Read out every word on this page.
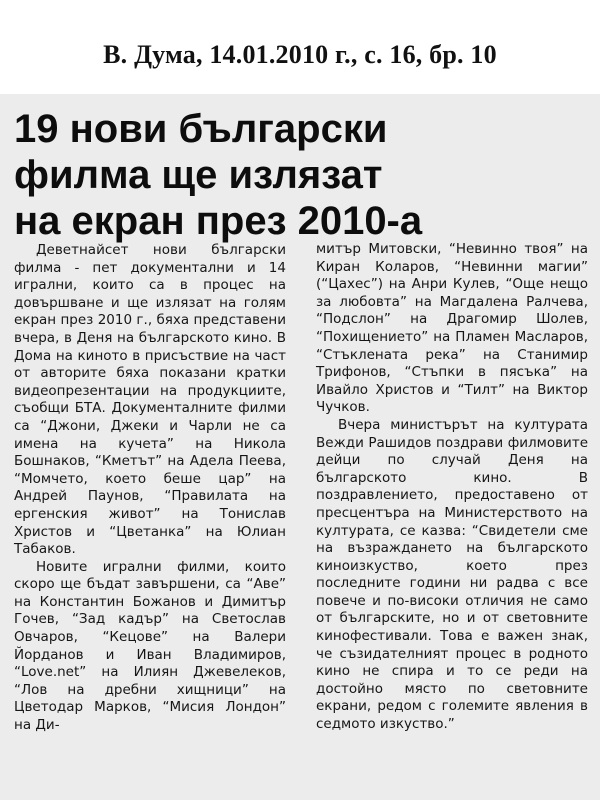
В. Дума, 14.01.2010 г., с. 16, бр. 10
19 нови български
филма ще излязат
на екран през 2010-а

Деветнайсет нови български филма - пет документални и 14 игрални, които са в процес на довършване и ще излязат на голям екран през 2010 г., бяха представени вчера, в Деня на българското кино. В Дома на киното в присъствие на част от авторите бяха показани кратки видеопрезентации на продукциите, съобщи БТА. Документалните филми са “Джони, Джеки и Чарли не са имена на кучета” на Никола Бошнаков, “Кметът” на Адела Пеева, “Момчето, което беше цар” на Андрей Паунов, “Правилата на ергенския живот” на Тонислав Христов и “Цветанка” на Юлиан Табаков.

Новите игрални филми, които скоро ще бъдат завършени, са “Аве” на Константин Божанов и Димитър Гочев, “Зад кадър” на Светослав Овчаров, “Кецове” на Валери Йорданов и Иван Владимиров, “Love.net” на Илиян Джевелеков, “Лов на дребни хищници” на Цветодар Марков, “Мисия Лондон” на Ди-

митър Митовски, “Невинно твоя” на Киран Коларов, “Невинни магии” (“Цахес”) на Анри Кулев, “Още нещо за любовта” на Магдалена Ралчева, “Подслон” на Драгомир Шолев, “Похищението” на Пламен Масларов, “Стъклената река” на Станимир Трифонов, “Стъпки в пясъка” на Ивайло Христов и “Тилт” на Виктор Чучков.

Вчера министърът на културата Вежди Рашидов поздрави филмовите дейци по случай Деня на българското кино. В поздравлението, предоставено от пресцентъра на Министерството на културата, се казва: “Свидетели сме на възраждането на българското киноизкуство, което през последните години ни радва с все повече и по-високи отличия не само от българските, но и от световните кинофестивали. Това е важен знак, че съзидателният процес в родното кино не спира и то се реди на достойно място по световните екрани, редом с големите явления в седмото изкуство.”
